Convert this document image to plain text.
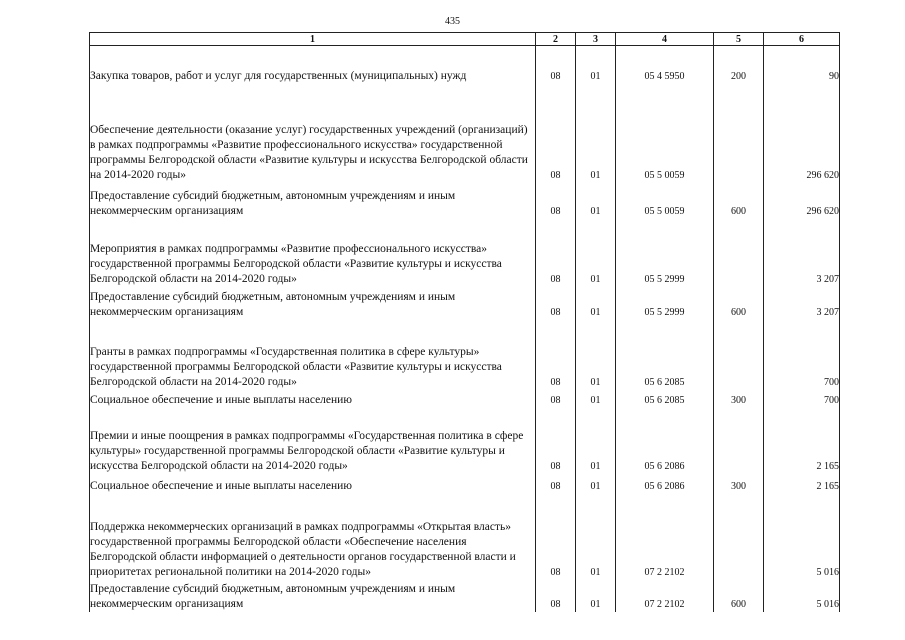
435
1	2	3	4	5	6
Закупка товаров, работ и услуг для государственных (муниципальных) нужд	08	01	05 4 5950	200	90
Обеспечение деятельности (оказание услуг) государственных учреждений (организаций) в рамках подпрограммы «Развитие профессионального искусства» государственной программы Белгородской области «Развитие культуры и искусства Белгородской области на 2014-2020 годы»	08	01	05 5 0059		296 620
Предоставление субсидий бюджетным, автономным учреждениям и иным некоммерческим организациям	08	01	05 5 0059	600	296 620
Мероприятия в рамках подпрограммы «Развитие профессионального искусства» государственной программы Белгородской области «Развитие культуры и искусства Белгородской области на 2014-2020 годы»	08	01	05 5 2999		3 207
Предоставление субсидий бюджетным, автономным учреждениям и иным некоммерческим организациям	08	01	05 5 2999	600	3 207
Гранты в рамках подпрограммы «Государственная политика в сфере культуры» государственной программы Белгородской области «Развитие культуры и искусства Белгородской области на 2014-2020 годы»	08	01	05 6 2085		700
Социальное обеспечение и иные выплаты населению	08	01	05 6 2085	300	700
Премии и иные поощрения в рамках подпрограммы «Государственная политика в сфере культуры» государственной программы Белгородской области «Развитие культуры и искусства Белгородской области на 2014-2020 годы»	08	01	05 6 2086		2 165
Социальное обеспечение и иные выплаты населению	08	01	05 6 2086	300	2 165
Поддержка некоммерческих организаций в рамках подпрограммы «Открытая власть» государственной программы Белгородской области «Обеспечение населения Белгородской области информацией о деятельности органов государственной власти и приоритетах региональной политики на 2014-2020 годы»	08	01	07 2 2102		5 016
Предоставление субсидий бюджетным, автономным учреждениям и иным некоммерческим организациям	08	01	07 2 2102	600	5 016
